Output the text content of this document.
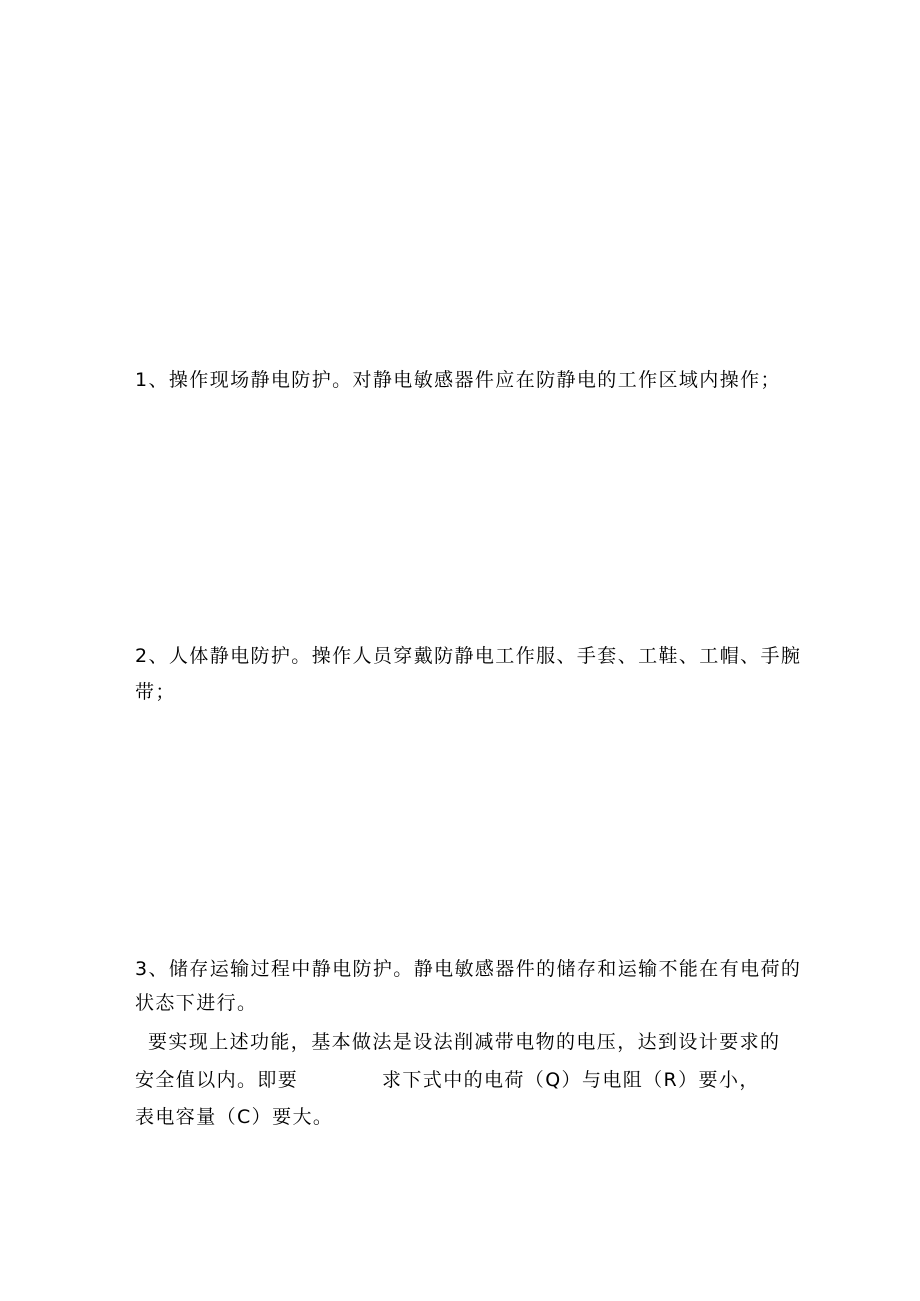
1、操作现场静电防护。对静电敏感器件应在防静电的工作区域内操作；
2、人体静电防护。操作人员穿戴防静电工作服、手套、工鞋、工帽、手腕
带；
3、储存运输过程中静电防护。静电敏感器件的储存和运输不能在有电荷的
状态下进行。
要实现上述功能，基本做法是设法削减带电物的电压，达到设计要求的
安全值以内。即要	求下式中的电荷（Q）与电阻（R）要小，
表电容量（C）要大。
